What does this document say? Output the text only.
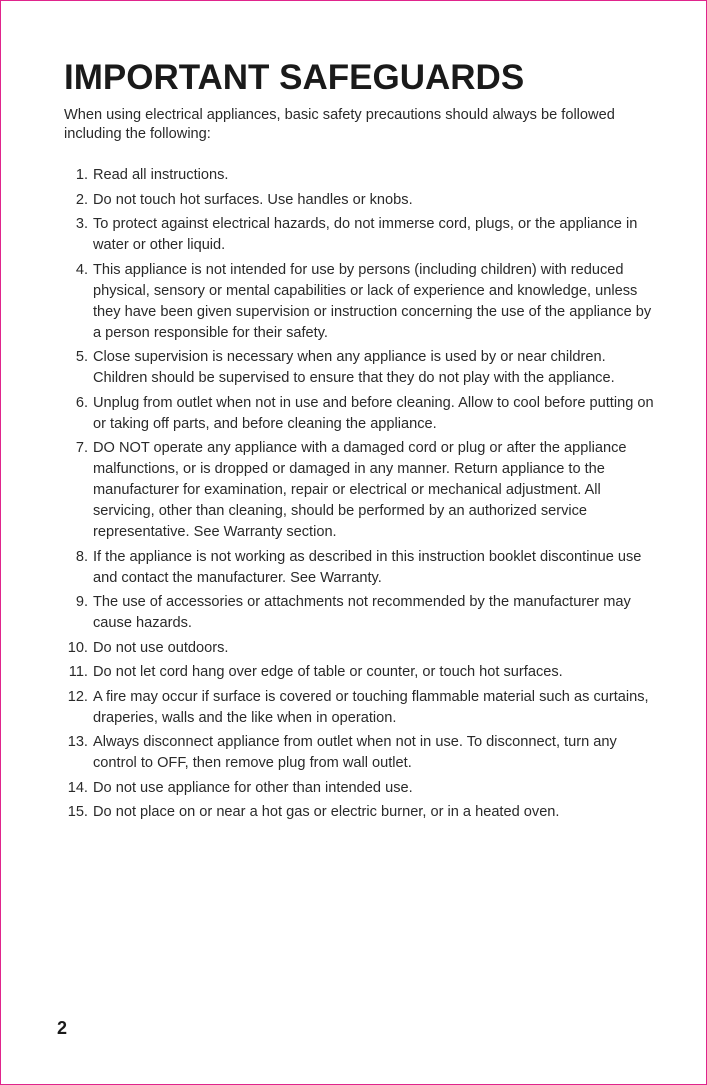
IMPORTANT SAFEGUARDS

When using electrical appliances, basic safety precautions should always be followed including the following:

1. Read all instructions.
2. Do not touch hot surfaces. Use handles or knobs.
3. To protect against electrical hazards, do not immerse cord, plugs, or the appliance in water or other liquid.
4. This appliance is not intended for use by persons (including children) with reduced physical, sensory or mental capabilities or lack of experience and knowledge, unless they have been given supervision or instruction concerning the use of the appliance by a person responsible for their safety.
5. Close supervision is necessary when any appliance is used by or near children. Children should be supervised to ensure that they do not play with the appliance.
6. Unplug from outlet when not in use and before cleaning. Allow to cool before putting on or taking off parts, and before cleaning the appliance.
7. DO NOT operate any appliance with a damaged cord or plug or after the appliance malfunctions, or is dropped or damaged in any manner. Return appliance to the manufacturer for examination, repair or electrical or mechanical adjustment. All servicing, other than cleaning, should be performed by an authorized service representative. See Warranty section.
8. If the appliance is not working as described in this instruction booklet discontinue use and contact the manufacturer. See Warranty.
9. The use of accessories or attachments not recommended by the manufacturer may cause hazards.
10. Do not use outdoors.
11. Do not let cord hang over edge of table or counter, or touch hot surfaces.
12. A fire may occur if surface is covered or touching flammable material such as curtains, draperies, walls and the like when in operation.
13. Always disconnect appliance from outlet when not in use. To disconnect, turn any control to OFF, then remove plug from wall outlet.
14. Do not use appliance for other than intended use.
15. Do not place on or near a hot gas or electric burner, or in a heated oven.
2
